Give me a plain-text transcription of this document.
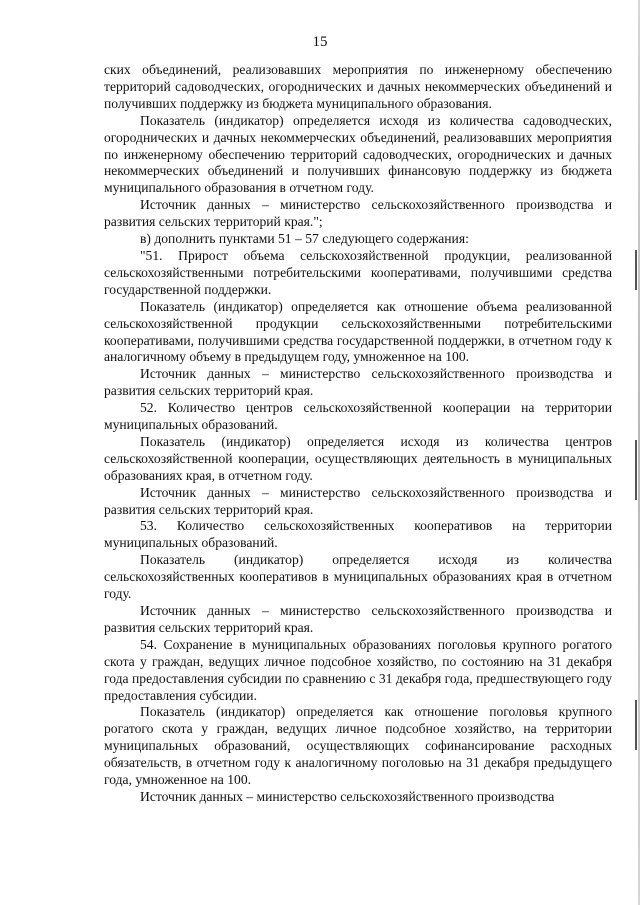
15

ских объединений, реализовавших мероприятия по инженерному обеспечению территорий садоводческих, огороднических и дачных некоммерческих объединений и получивших поддержку из бюджета муниципального образования.

Показатель (индикатор) определяется исходя из количества садоводческих, огороднических и дачных некоммерческих объединений, реализовавших мероприятия по инженерному обеспечению территорий садоводческих, огороднических и дачных некоммерческих объединений и получивших финансовую поддержку из бюджета муниципального образования в отчетном году.

Источник данных – министерство сельскохозяйственного производства и развития сельских территорий края.";

в) дополнить пунктами 51 – 57 следующего содержания:

"51. Прирост объема сельскохозяйственной продукции, реализованной сельскохозяйственными потребительскими кооперативами, получившими средства государственной поддержки.

Показатель (индикатор) определяется как отношение объема реализованной сельскохозяйственной продукции сельскохозяйственными потребительскими кооперативами, получившими средства государственной поддержки, в отчетном году к аналогичному объему в предыдущем году, умноженное на 100.

Источник данных – министерство сельскохозяйственного производства и развития сельских территорий края.

52. Количество центров сельскохозяйственной кооперации на территории муниципальных образований.

Показатель (индикатор) определяется исходя из количества центров сельскохозяйственной кооперации, осуществляющих деятельность в муниципальных образованиях края, в отчетном году.

Источник данных – министерство сельскохозяйственного производства и развития сельских территорий края.

53. Количество сельскохозяйственных кооперативов на территории муниципальных образований.

Показатель (индикатор) определяется исходя из количества сельскохозяйственных кооперативов в муниципальных образованиях края в отчетном году.

Источник данных – министерство сельскохозяйственного производства и развития сельских территорий края.

54. Сохранение в муниципальных образованиях поголовья крупного рогатого скота у граждан, ведущих личное подсобное хозяйство, по состоянию на 31 декабря года предоставления субсидии по сравнению с 31 декабря года, предшествующего году предоставления субсидии.

Показатель (индикатор) определяется как отношение поголовья крупного рогатого скота у граждан, ведущих личное подсобное хозяйство, на территории муниципальных образований, осуществляющих софинансирование расходных обязательств, в отчетном году к аналогичному поголовью на 31 декабря предыдущего года, умноженное на 100.

Источник данных – министерство сельскохозяйственного производства
